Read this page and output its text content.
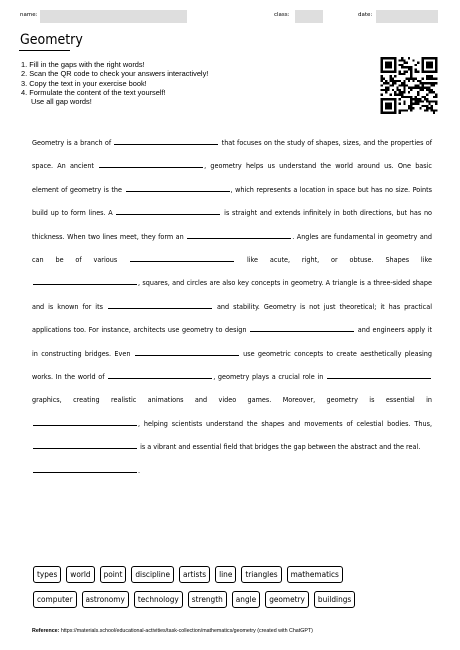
name:	class:	date:
Geometry
1. Fill in the gaps with the right words!
2. Scan the QR code to check your answers interactively!
3. Copy the text in your exercise book!
4. Formulate the content of the text yourself!
Use all gap words!
Geometry is a branch of	that focuses on the study of shapes, sizes, and the properties of space. An ancient	, geometry helps us understand the world around us. One basic element of geometry is the	, which represents a location in space but has no size. Points build up to form lines. A	is straight and extends infinitely in both directions, but has no thickness. When two lines meet, they form an	. Angles are fundamental in geometry and can be of various	like acute, right, or obtuse. Shapes like , squares, and circles are also key concepts in geometry. A triangle is a three-sided shape and is known for its	and stability. Geometry is not just theoretical; it has practical applications too. For instance, architects use geometry to design	and engineers apply it in constructing bridges. Even	use geometric concepts to create aesthetically pleasing works. In the world of	, geometry plays a crucial role in  graphics, creating realistic animations and video games. Moreover, geometry is essential in , helping scientists understand the shapes and movements of celestial bodies. Thus,  is a vibrant and essential field that bridges the gap between the abstract and the real.
.
types	world	point	discipline	artists	line	triangles	mathematics
computer	astronomy	technology	strength	angle	geometry	buildings
Reference: https://materials.school/educational-activities/task-collection/mathematics/geometry (created with ChatGPT)
